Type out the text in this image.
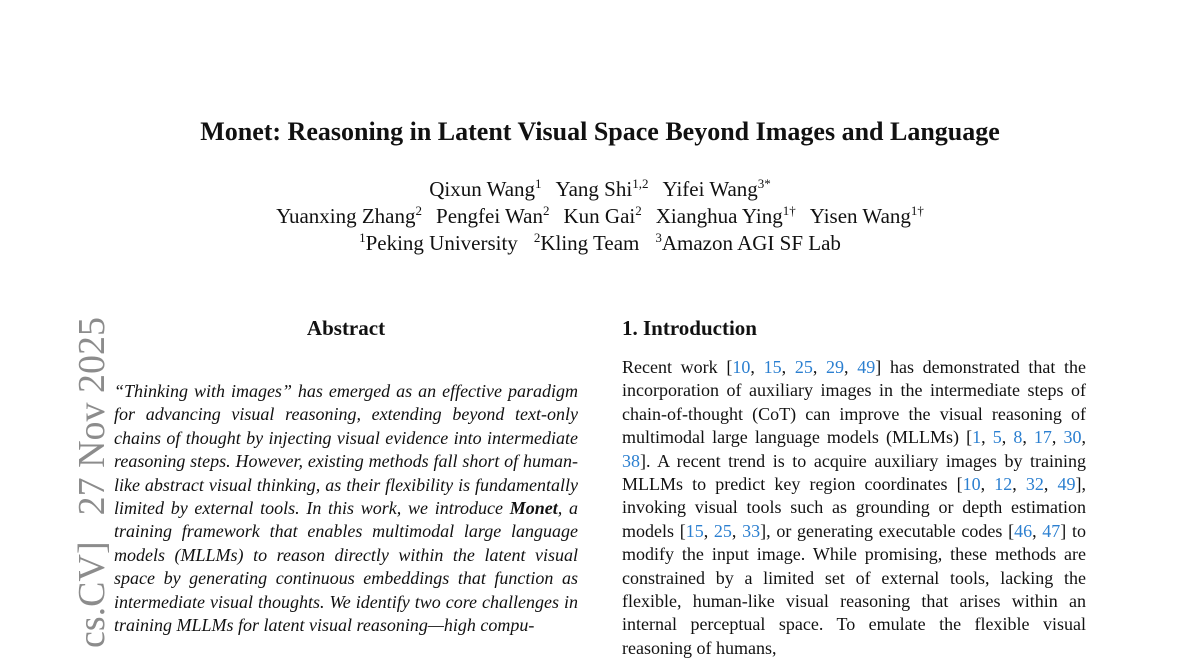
cs.CV]27 Nov 2025
Monet: Reasoning in Latent Visual Space Beyond Images and Language
Qixun Wang$^1$ Yang Shi$^{1,2}$ Yifei Wang$^{3*}$
Yuanxing Zhang$^2$ Pengfei Wan$^2$ Kun Gai$^2$ Xianghua Ying$^{1\dagger}$ Yisen Wang$^{1\dagger}$
$^1$Peking University $^2$Kling Team $^3$Amazon AGI SF Lab
Abstract
“Thinking with images” has emerged as an effective paradigm for advancing visual reasoning, extending beyond text-only chains of thought by injecting visual evidence into intermediate reasoning steps. However, existing methods fall short of human-like abstract visual thinking, as their flexibility is fundamentally limited by external tools. In this work, we introduce Monet, a training framework that enables multimodal large language models (MLLMs) to reason directly within the latent visual space by generating continuous embeddings that function as intermediate visual thoughts. We identify two core challenges in training MLLMs for latent visual reasoning—high compu-
1. Introduction
Recent work [10, 15, 25, 29, 49] has demonstrated that the incorporation of auxiliary images in the intermediate steps of chain-of-thought (CoT) can improve the visual reasoning of multimodal large language models (MLLMs) [1, 5, 8, 17, 30, 38]. A recent trend is to acquire auxiliary images by training MLLMs to predict key region coordinates [10, 12, 32, 49], invoking visual tools such as grounding or depth estimation models [15, 25, 33], or generating executable codes [46, 47] to modify the input image. While promising, these methods are constrained by a limited set of external tools, lacking the flexible, human-like visual reasoning that arises within an internal perceptual space. To emulate the flexible visual reasoning of humans,
